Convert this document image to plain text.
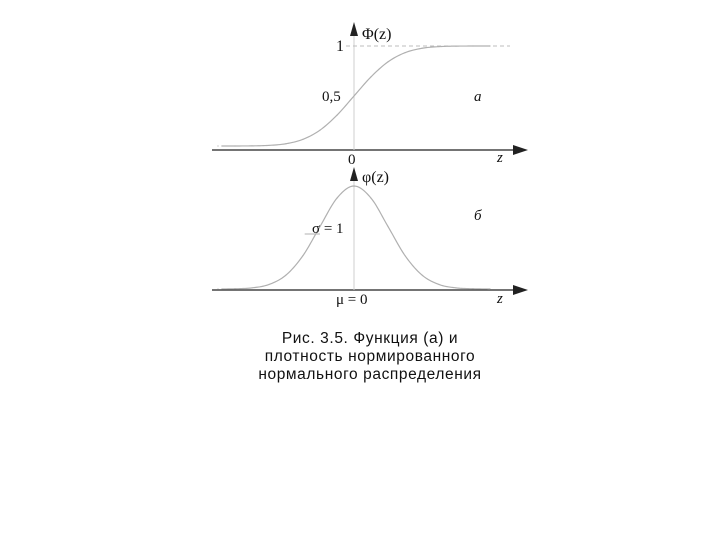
Φ(z)
1
0,5
0	z
а
φ(z)
σ = 1
μ = 0	z
б
Рис. 3.5. Функция (а) и
плотность нормированного
нормального распределения
